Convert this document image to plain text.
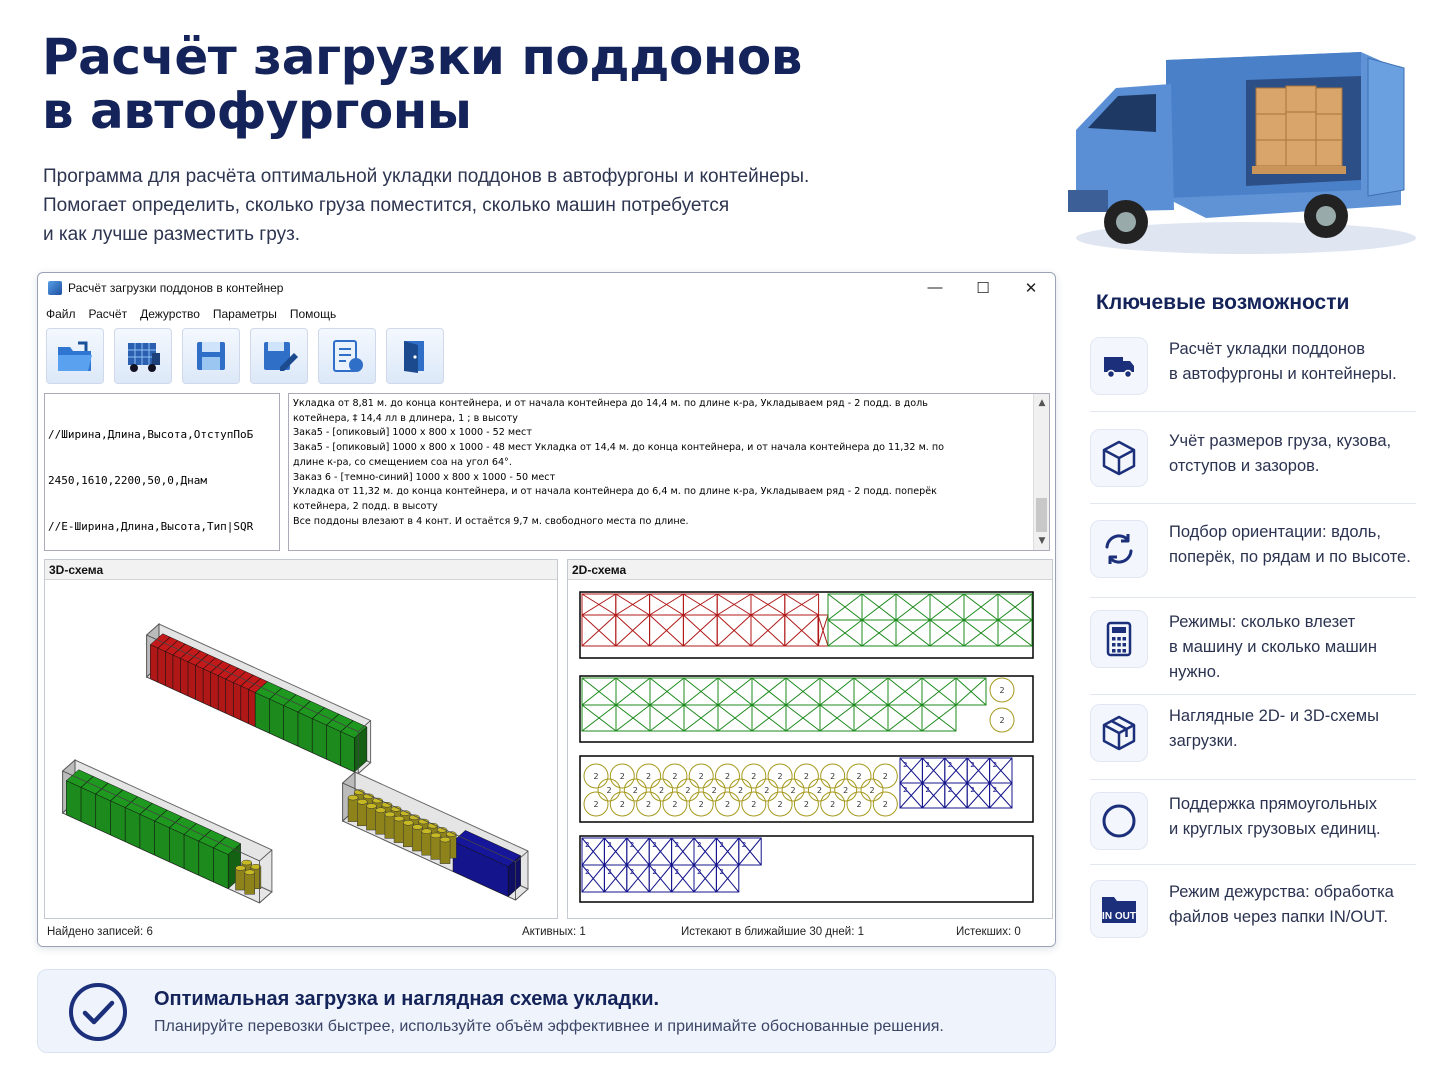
Расчёт загрузки поддонов
в автофургоны
Программа для расчёта оптимальной укладки поддонов в автофургоны и контейнеры.
Помогает определить, сколько груза поместится, сколько машин потребуется
и как лучше разместить груз.
Расчёт загрузки поддонов в контейнер	—	☐	✕
Файл Расчёт Дежурство Параметры Помощь

//Ширина,Длина,Высота,ОтступПоБ

2450,1610,2200,50,0,Днам

//Е-Ширина,Длина,Высота,Тип|SQR

Укладка от 8,81 м. до конца контейнера, и от начала контейнера до 14,4 м. по длине к-ра, Укладываем ряд - 2 подд. в доль
котейнера, ‡ 14,4 лл в длинера, 1 ; в высоту
Зака5 - [опиковый] 1000 x 800 x 1000 - 52 мест
Зака5 - [опиковый] 1000 x 800 x 1000 - 48 мест Укладка от 14,4 м. до конца контейнера, и от начала контейнера до 11,32 м. по
длине к-ра, со смещением соа на угол 64°.
Заказ 6 - [темно-синий] 1000 x 800 x 1000 - 50 мест
Укладка от 11,32 м. до конца контейнера, и от начала контейнера до 6,4 м. по длине к-ра, Укладываем ряд - 2 подд. поперёк
котейнера, 2 подд. в высоту
Все поддоны влезают в 4 конт. И остаётся 9,7 м. свободного места по длине.
▲
▼
3D-схема	2D-схема
2
2
2
2
2
2
2
2
2
2
2
2
2
2
2
2
2
2
2
2
2
2
2
2
2
2
2	2	2	2	2	2	2	2	2	2	2
2
2
2
2
2
2
2
2
2
2
2	2	2	2	2	2	2	2
2	2	2	2	2	2	2
Найдено записей: 6	Активных: 1	Истекают в ближайшие 30 дней: 1	Истекших: 0
Оптимальная загрузка и наглядная схема укладки.
Планируйте перевозки быстрее, используйте объём эффективнее и принимайте обоснованные решения.
Ключевые возможности
Расчёт укладки поддонов
в автофургоны и контейнеры.
Учёт размеров груза, кузова,
отступов и зазоров.
Подбор ориентации: вдоль,
поперёк, по рядам и по высоте.
Режимы: сколько влезет
в машину и сколько машин
нужно.
Наглядные 2D- и 3D-схемы
загрузки.
Поддержка прямоугольных
и круглых грузовых единиц.
IN OUT
Режим дежурства: обработка
файлов через папки IN/OUT.
